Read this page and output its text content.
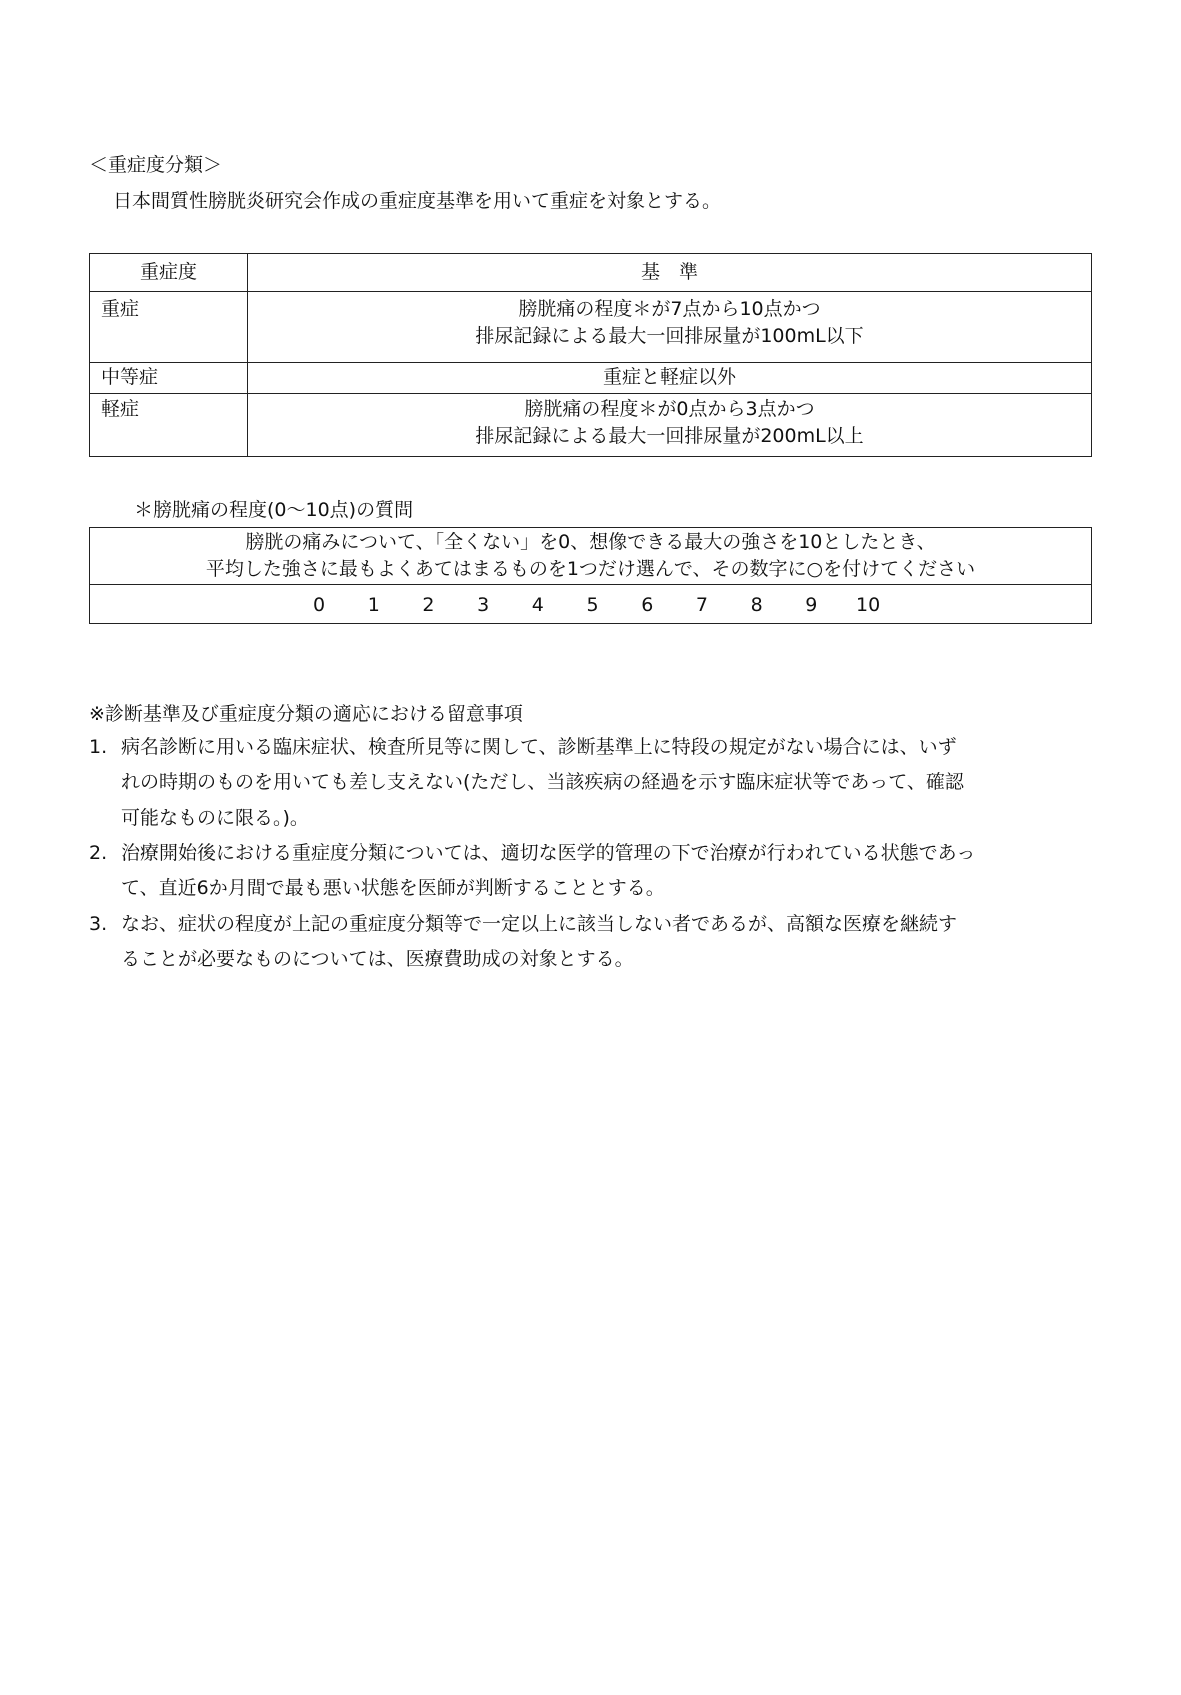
＜重症度分類＞
日本間質性膀胱炎研究会作成の重症度基準を用いて重症を対象とする。
重症度	基　準
重症	膀胱痛の程度＊が7点から10点かつ
排尿記録による最大一回排尿量が100mL以下

中等症	重症と軽症以外
軽症	膀胱痛の程度＊が0点から3点かつ
排尿記録による最大一回排尿量が200mL以上
＊膀胱痛の程度(0～10点)の質問
膀胱の痛みについて、「全くない」を0、想像できる最大の強さを10としたとき、
平均した強さに最もよくあてはまるものを1つだけ選んで、その数字に○を付けてください

0 1 2 3 4 5 6 7 8 9 10
※診断基準及び重症度分類の適応における留意事項
1. 病名診断に用いる臨床症状、検査所見等に関して、診断基準上に特段の規定がない場合には、いず
れの時期のものを用いても差し支えない(ただし、当該疾病の経過を示す臨床症状等であって、確認
可能なものに限る。)。
2. 治療開始後における重症度分類については、適切な医学的管理の下で治療が行われている状態であっ
て、直近6か月間で最も悪い状態を医師が判断することとする。
3. なお、症状の程度が上記の重症度分類等で一定以上に該当しない者であるが、高額な医療を継続す
ることが必要なものについては、医療費助成の対象とする。
